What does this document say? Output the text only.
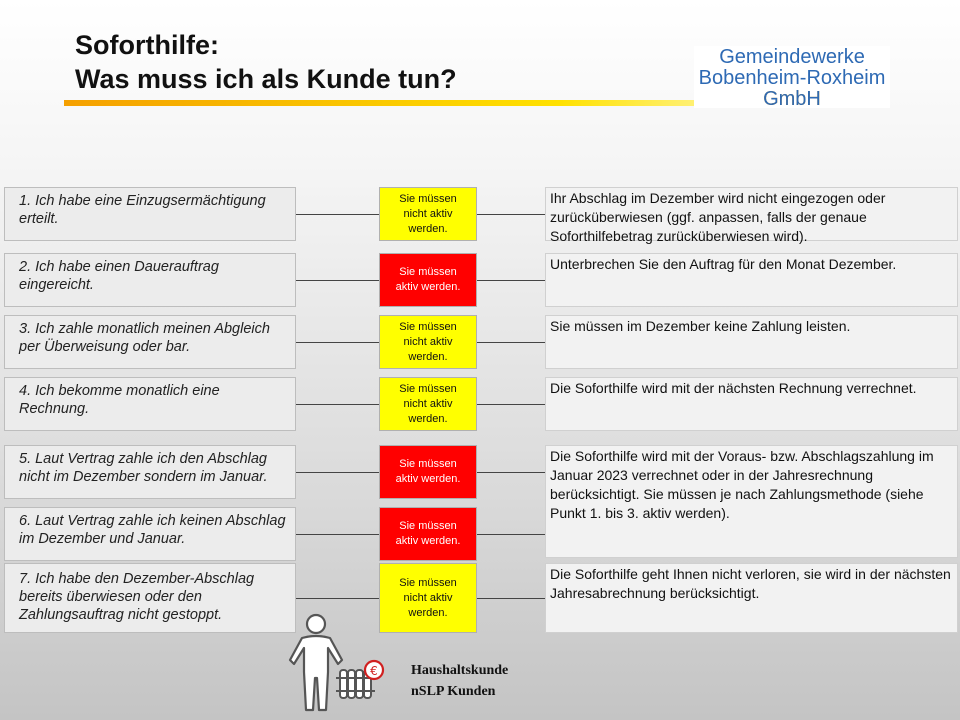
Soforthilfe:
Was muss ich als Kunde tun?
Gemeindewerke
Bobenheim-Roxheim
GmbH
1. Ich habe eine Einzugsermächtigung erteilt.
Sie müssen nicht aktiv werden.
Ihr Abschlag im Dezember wird nicht eingezogen oder zurücküberwiesen (ggf. anpassen, falls der genaue Soforthilfebetrag zurücküberwiesen wird).
2. Ich habe einen Dauerauftrag eingereicht.
Sie müssen aktiv werden.
Unterbrechen Sie den Auftrag für den Monat Dezember.
3. Ich zahle monatlich meinen Abgleich per Überweisung oder bar.
Sie müssen nicht aktiv werden.
Sie müssen im Dezember keine Zahlung leisten.
4. Ich bekomme monatlich eine Rechnung.
Sie müssen nicht aktiv werden.
Die Soforthilfe wird mit der nächsten Rechnung verrechnet.
5. Laut Vertrag zahle ich den Abschlag nicht im Dezember sondern im Januar.
Sie müssen aktiv werden.
6. Laut Vertrag zahle ich keinen Abschlag im Dezember und Januar.
Sie müssen aktiv werden.
Die Soforthilfe wird mit der Voraus- bzw. Abschlagszahlung im Januar 2023 verrechnet oder in der Jahresrechnung berücksichtigt. Sie müssen je nach Zahlungsmethode (siehe Punkt 1. bis 3. aktiv werden).
7. Ich habe den Dezember-Abschlag bereits überwiesen oder den Zahlungsauftrag nicht gestoppt.
Sie müssen nicht aktiv werden.
Die Soforthilfe geht Ihnen nicht verloren, sie wird in der nächsten Jahresabrechnung berücksichtigt.
€ Haushaltskunde
nSLP Kunden
